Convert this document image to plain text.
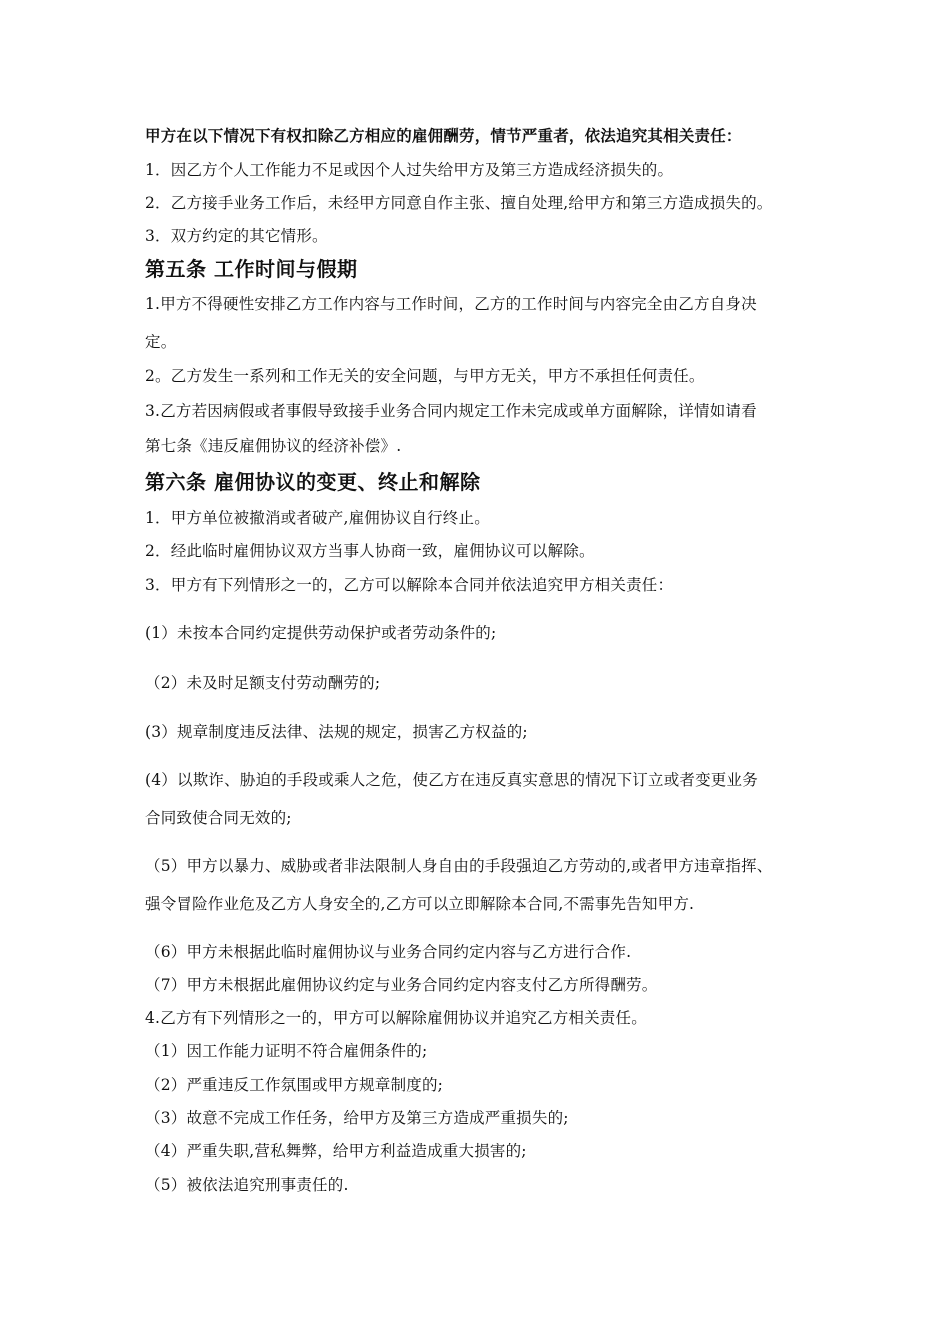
甲方在以下情况下有权扣除乙方相应的雇佣酬劳，情节严重者，依法追究其相关责任：
1．因乙方个人工作能力不足或因个人过失给甲方及第三方造成经济损失的。
2．乙方接手业务工作后，未经甲方同意自作主张、擅自处理,给甲方和第三方造成损失的。
3．双方约定的其它情形。
第五条 工作时间与假期
1.甲方不得硬性安排乙方工作内容与工作时间，乙方的工作时间与内容完全由乙方自身决
定。
2。乙方发生一系列和工作无关的安全问题，与甲方无关，甲方不承担任何责任。
3.乙方若因病假或者事假导致接手业务合同内规定工作未完成或单方面解除，详情如请看
第七条《违反雇佣协议的经济补偿》.
第六条 雇佣协议的变更、终止和解除
1．甲方单位被撤消或者破产,雇佣协议自行终止。
2．经此临时雇佣协议双方当事人协商一致，雇佣协议可以解除。
3．甲方有下列情形之一的，乙方可以解除本合同并依法追究甲方相关责任：
(1）未按本合同约定提供劳动保护或者劳动条件的;
（2）未及时足额支付劳动酬劳的;
(3）规章制度违反法律、法规的规定，损害乙方权益的;
(4）以欺诈、胁迫的手段或乘人之危，使乙方在违反真实意思的情况下订立或者变更业务
合同致使合同无效的;
（5）甲方以暴力、威胁或者非法限制人身自由的手段强迫乙方劳动的,或者甲方违章指挥、
强令冒险作业危及乙方人身安全的,乙方可以立即解除本合同,不需事先告知甲方.
（6）甲方未根据此临时雇佣协议与业务合同约定内容与乙方进行合作.
（7）甲方未根据此雇佣协议约定与业务合同约定内容支付乙方所得酬劳。
4.乙方有下列情形之一的，甲方可以解除雇佣协议并追究乙方相关责任。
（1）因工作能力证明不符合雇佣条件的;
（2）严重违反工作氛围或甲方规章制度的;
（3）故意不完成工作任务，给甲方及第三方造成严重损失的;
（4）严重失职,营私舞弊，给甲方利益造成重大损害的;
（5）被依法追究刑事责任的.
